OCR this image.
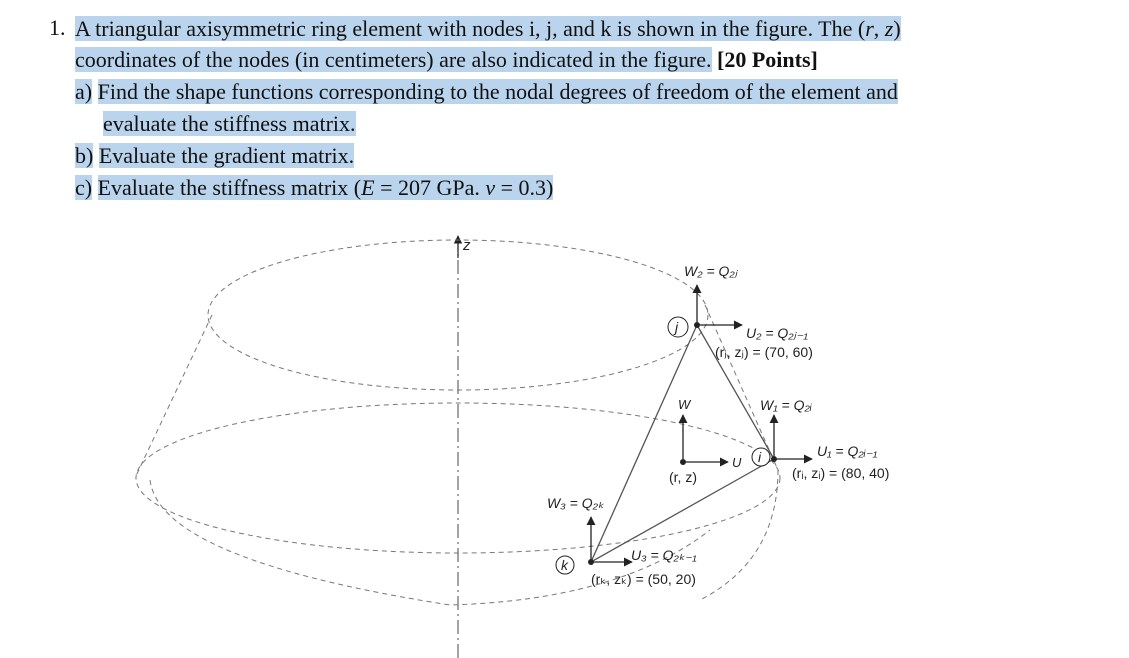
1. A triangular axisymmetric ring element with nodes i, j, and k is shown in the figure. The (r, z)
coordinates of the nodes (in centimeters) are also indicated in the figure. [20 Points]
a) Find the shape functions corresponding to the nodal degrees of freedom of the element and
evaluate the stiffness matrix.
b) Evaluate the gradient matrix.
c) Evaluate the stiffness matrix (E = 207 GPa. v = 0.3)
z
j
W₂ = Q₂ⱼ
U₂ = Q₂ⱼ₋₁
(rⱼ, zⱼ) = (70, 60)
i
W₁ = Q₂ᵢ
U₁ = Q₂ᵢ₋₁
(rᵢ, zᵢ) = (80, 40)
W
U
(r, z)
k
W₃ = Q₂ₖ
U₃ = Q₂ₖ₋₁
(rₖ, zₖ) = (50, 20)
